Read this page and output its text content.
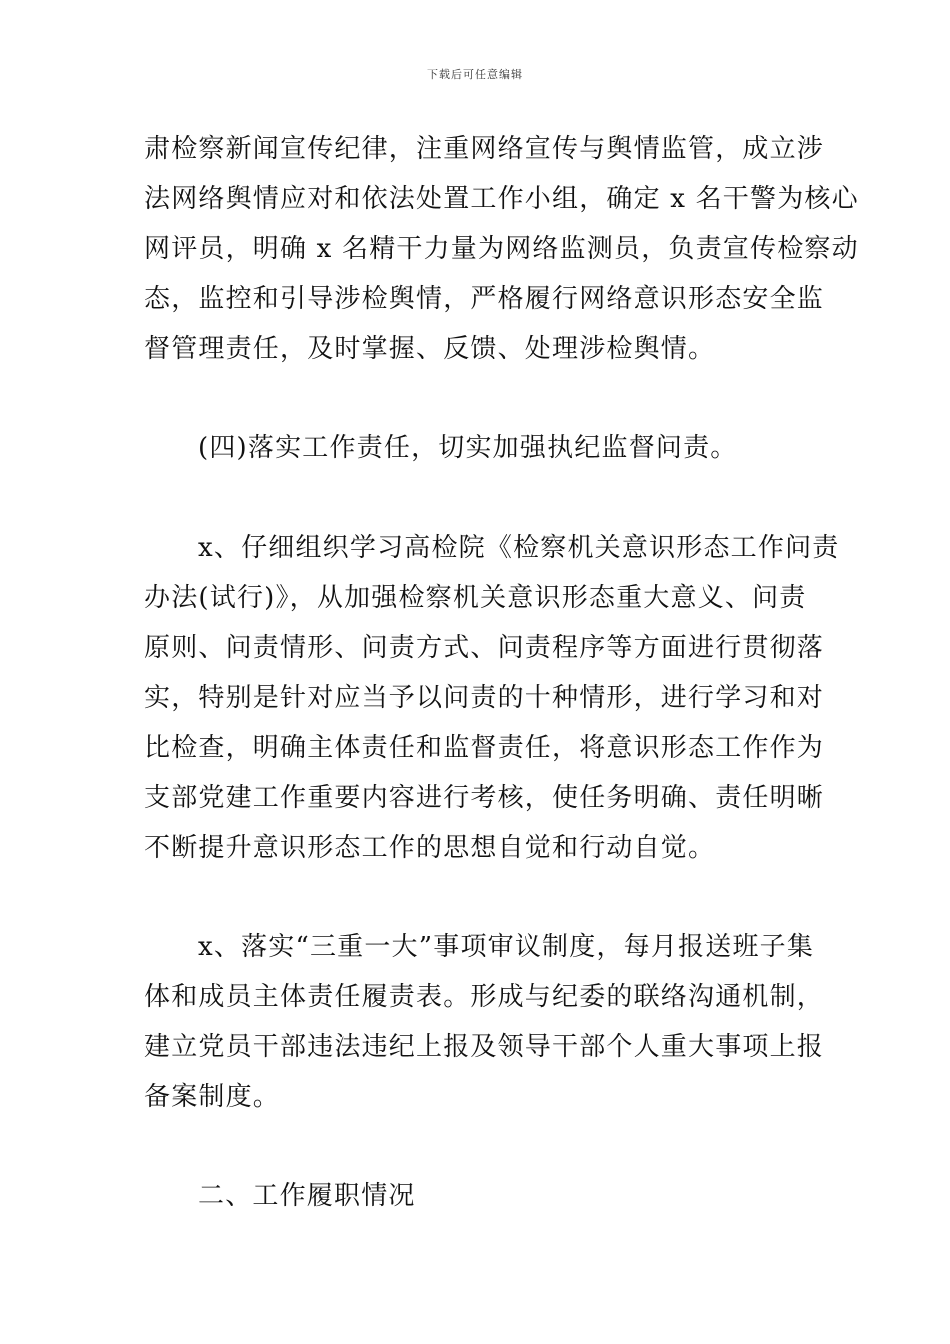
下载后可任意编辑
肃检察新闻宣传纪律，注重网络宣传与舆情监管，成立涉
法网络舆情应对和依法处置工作小组，确定 x 名干警为核心
网评员，明确 x 名精干力量为网络监测员，负责宣传检察动
态，监控和引导涉检舆情，严格履行网络意识形态安全监
督管理责任，及时掌握、反馈、处理涉检舆情。
(四)落实工作责任，切实加强执纪监督问责。
x、仔细组织学习高检院《检察机关意识形态工作问责
办法(试行)》，从加强检察机关意识形态重大意义、问责
原则、问责情形、问责方式、问责程序等方面进行贯彻落
实，特别是针对应当予以问责的十种情形，进行学习和对
比检查，明确主体责任和监督责任，将意识形态工作作为
支部党建工作重要内容进行考核，使任务明确、责任明晰
不断提升意识形态工作的思想自觉和行动自觉。
x、落实“三重一大”事项审议制度，每月报送班子集
体和成员主体责任履责表。形成与纪委的联络沟通机制，
建立党员干部违法违纪上报及领导干部个人重大事项上报
备案制度。
二、工作履职情况
